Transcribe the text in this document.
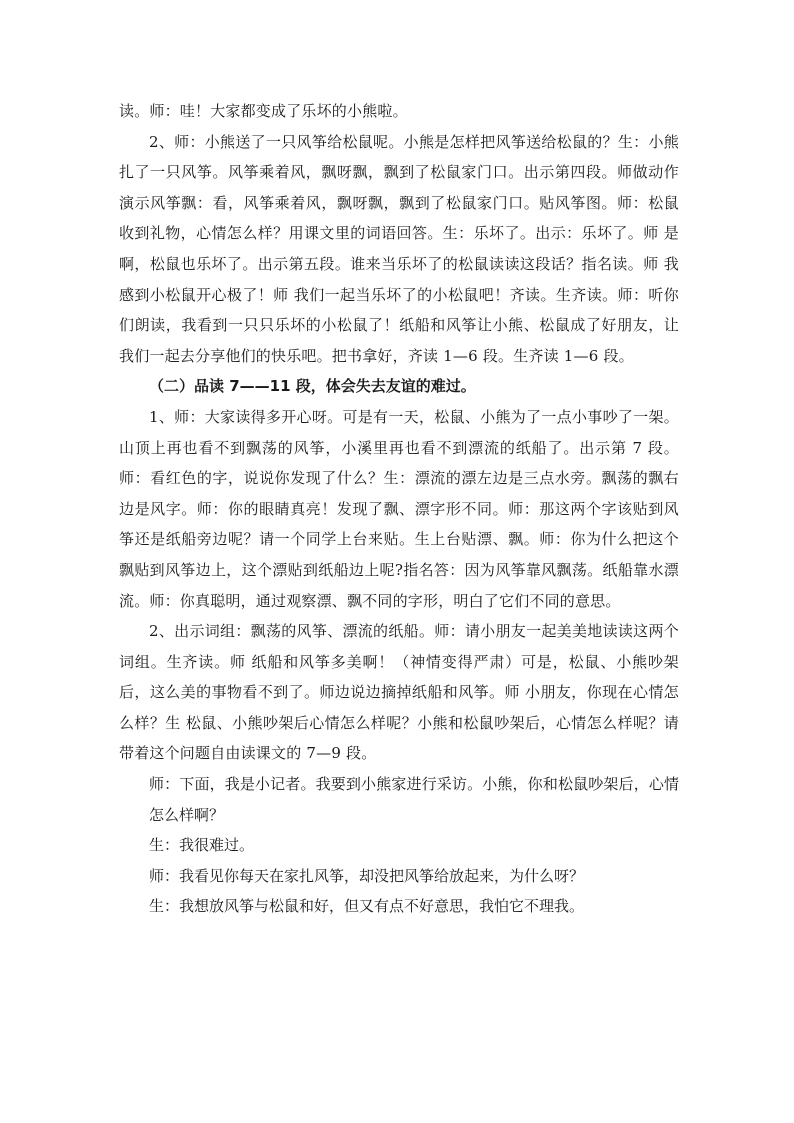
读。师：哇！大家都变成了乐坏的小熊啦。

2、师：小熊送了一只风筝给松鼠呢。小熊是怎样把风筝送给松鼠的？生：小熊扎了一只风筝。风筝乘着风，飘呀飘，飘到了松鼠家门口。出示第四段。师做动作演示风筝飘：看，风筝乘着风，飘呀飘，飘到了松鼠家门口。贴风筝图。师：松鼠收到礼物，心情怎么样？用课文里的词语回答。生：乐坏了。出示：乐坏了。师 是啊，松鼠也乐坏了。出示第五段。谁来当乐坏了的松鼠读读这段话？指名读。师 我感到小松鼠开心极了！师 我们一起当乐坏了的小松鼠吧！齐读。生齐读。师：听你们朗读，我看到一只只乐坏的小松鼠了！纸船和风筝让小熊、松鼠成了好朋友，让我们一起去分享他们的快乐吧。把书拿好，齐读 1—6 段。生齐读 1—6 段。

（二）品读 7——11 段，体会失去友谊的难过。

1、师：大家读得多开心呀。可是有一天，松鼠、小熊为了一点小事吵了一架。山顶上再也看不到飘荡的风筝，小溪里再也看不到漂流的纸船了。出示第 7 段。师：看红色的字，说说你发现了什么？生：漂流的漂左边是三点水旁。飘荡的飘右边是风字。师：你的眼睛真亮！发现了飘、漂字形不同。师：那这两个字该贴到风筝还是纸船旁边呢？请一个同学上台来贴。生上台贴漂、飘。师：你为什么把这个飘贴到风筝边上，这个漂贴到纸船边上呢?指名答：因为风筝靠风飘荡。纸船靠水漂流。师：你真聪明，通过观察漂、飘不同的字形，明白了它们不同的意思。

2、出示词组：飘荡的风筝、漂流的纸船。师：请小朋友一起美美地读读这两个词组。生齐读。师 纸船和风筝多美啊！（神情变得严肃）可是，松鼠、小熊吵架后，这么美的事物看不到了。师边说边摘掉纸船和风筝。师 小朋友，你现在心情怎么样？生 松鼠、小熊吵架后心情怎么样呢？小熊和松鼠吵架后，心情怎么样呢？请带着这个问题自由读课文的 7—9 段。

师：下面，我是小记者。我要到小熊家进行采访。小熊，你和松鼠吵架后，心情怎么样啊？

生：我很难过。

师：我看见你每天在家扎风筝，却没把风筝给放起来，为什么呀？

生：我想放风筝与松鼠和好，但又有点不好意思，我怕它不理我。
